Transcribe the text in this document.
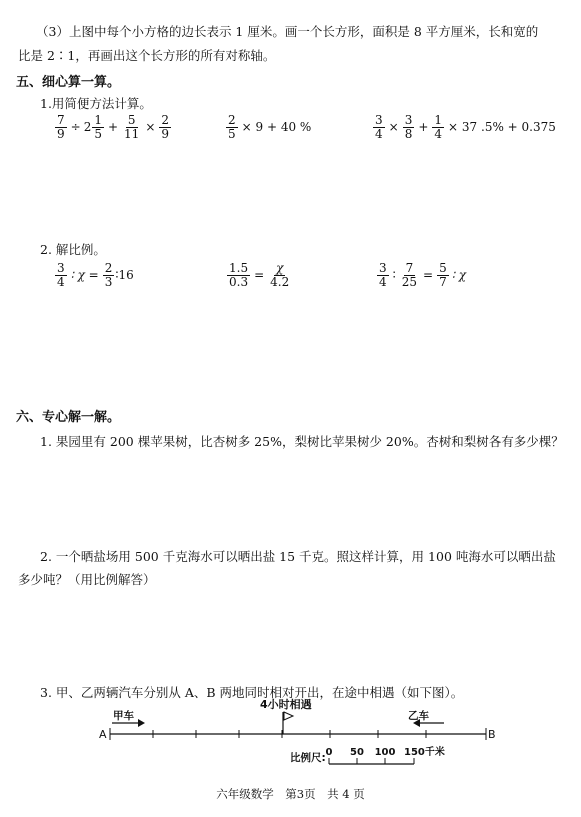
（3）上图中每个小方格的边长表示 1 厘米。画一个长方形，面积是 8 平方厘米，长和宽的
比是 2∶1，再画出这个长方形的所有对称轴。
五、细心算一算。
1.用简便方法计算。
$\frac{7}{9} \div 2 \frac{1}{5} + \frac{5}{11} \times \frac{2}{9}$	$\frac{2}{5} \times 9 + 40$ %	$\frac{3}{4} \times \frac{3}{8} + \frac{1}{4} \times 37$ .5% + 0.375
2. 解比例。
$\frac{3}{4}$ ∶ $\chi = \frac{2}{3}$ ∶16	$\frac{1.5}{0.3} = \frac{\chi}{4.2}$	$\frac{3}{4}$ ∶ $\frac{7}{25} = \frac{5}{7}$ ∶ χ
六、专心解一解。
1. 果园里有 200 棵苹果树，比杏树多 25%，梨树比苹果树少 20%。杏树和梨树各有多少棵？
2. 一个晒盐场用 500 千克海水可以晒出盐 15 千克。照这样计算，用 100 吨海水可以晒出盐
多少吨？（用比例解答）
3. 甲、乙两辆汽车分别从 A、B 两地同时相对开出，在途中相遇（如下图）。
4小时相遇
甲车	乙车
A	B
比例尺: 0 50 100 150千米
六年级数学　第3页　共 4 页
